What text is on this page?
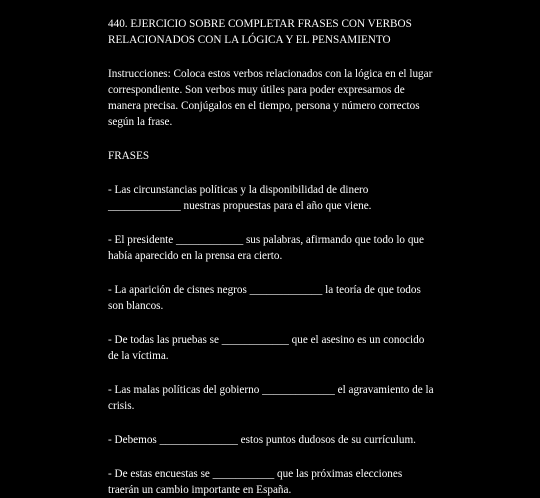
440. EJERCICIO SOBRE COMPLETAR FRASES CON VERBOS RELACIONADOS CON LA LÓGICA Y EL PENSAMIENTO

Instrucciones: Coloca estos verbos relacionados con la lógica en el lugar correspondiente. Son verbos muy útiles para poder expresarnos de manera precisa. Conjúgalos en el tiempo, persona y número correctos según la frase.

FRASES

- Las circunstancias políticas y la disponibilidad de dinero _____________ nuestras propuestas para el año que viene.

- El presidente ____________ sus palabras, afirmando que todo lo que había aparecido en la prensa era cierto.

- La aparición de cisnes negros _____________ la teoría de que todos son blancos.

- De todas las pruebas se ____________ que el asesino es un conocido de la víctima.

- Las malas políticas del gobierno _____________ el agravamiento de la crisis.

- Debemos ______________ estos puntos dudosos de su currículum.

- De estas encuestas se ___________ que las próximas elecciones traerán un cambio importante en España.
